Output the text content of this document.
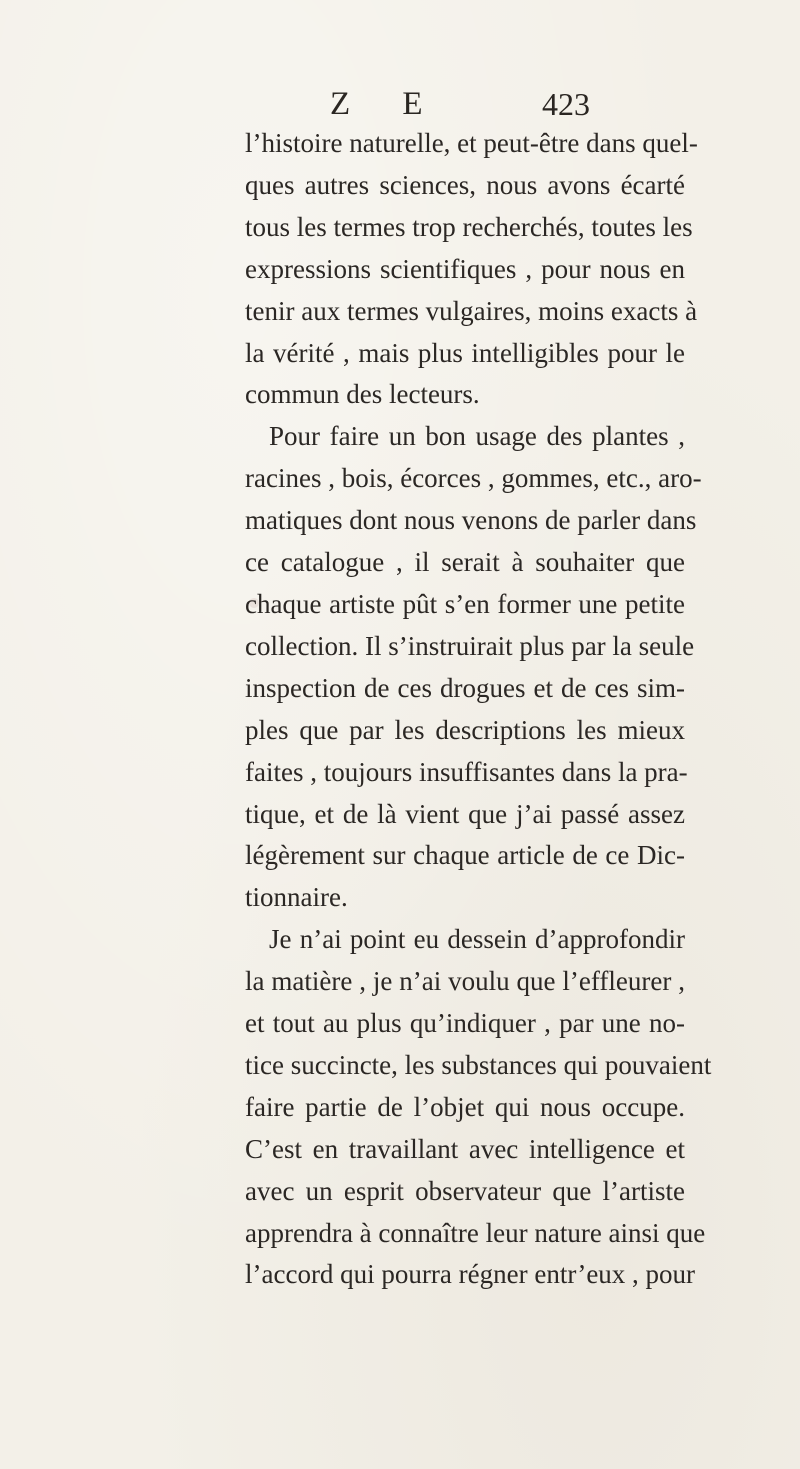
Z E	423
l’histoire naturelle, et peut-être dans quel-
ques autres sciences, nous avons écarté
tous les termes trop recherchés, toutes les
expressions scientifiques , pour nous en
tenir aux termes vulgaires, moins exacts à
la vérité , mais plus intelligibles pour le
commun des lecteurs.
Pour faire un bon usage des plantes ,
racines , bois, écorces , gommes, etc., aro-
matiques dont nous venons de parler dans
ce catalogue , il serait à souhaiter que
chaque artiste pût s’en former une petite
collection. Il s’instruirait plus par la seule
inspection de ces drogues et de ces sim-
ples que par les descriptions les mieux
faites , toujours insuffisantes dans la pra-
tique, et de là vient que j’ai passé assez
légèrement sur chaque article de ce Dic-
tionnaire.
Je n’ai point eu dessein d’approfondir
la matière , je n’ai voulu que l’effleurer ,
et tout au plus qu’indiquer , par une no-
tice succincte, les substances qui pouvaient
faire partie de l’objet qui nous occupe.
C’est en travaillant avec intelligence et
avec un esprit observateur que l’artiste
apprendra à connaître leur nature ainsi que
l’accord qui pourra régner entr’eux , pour
